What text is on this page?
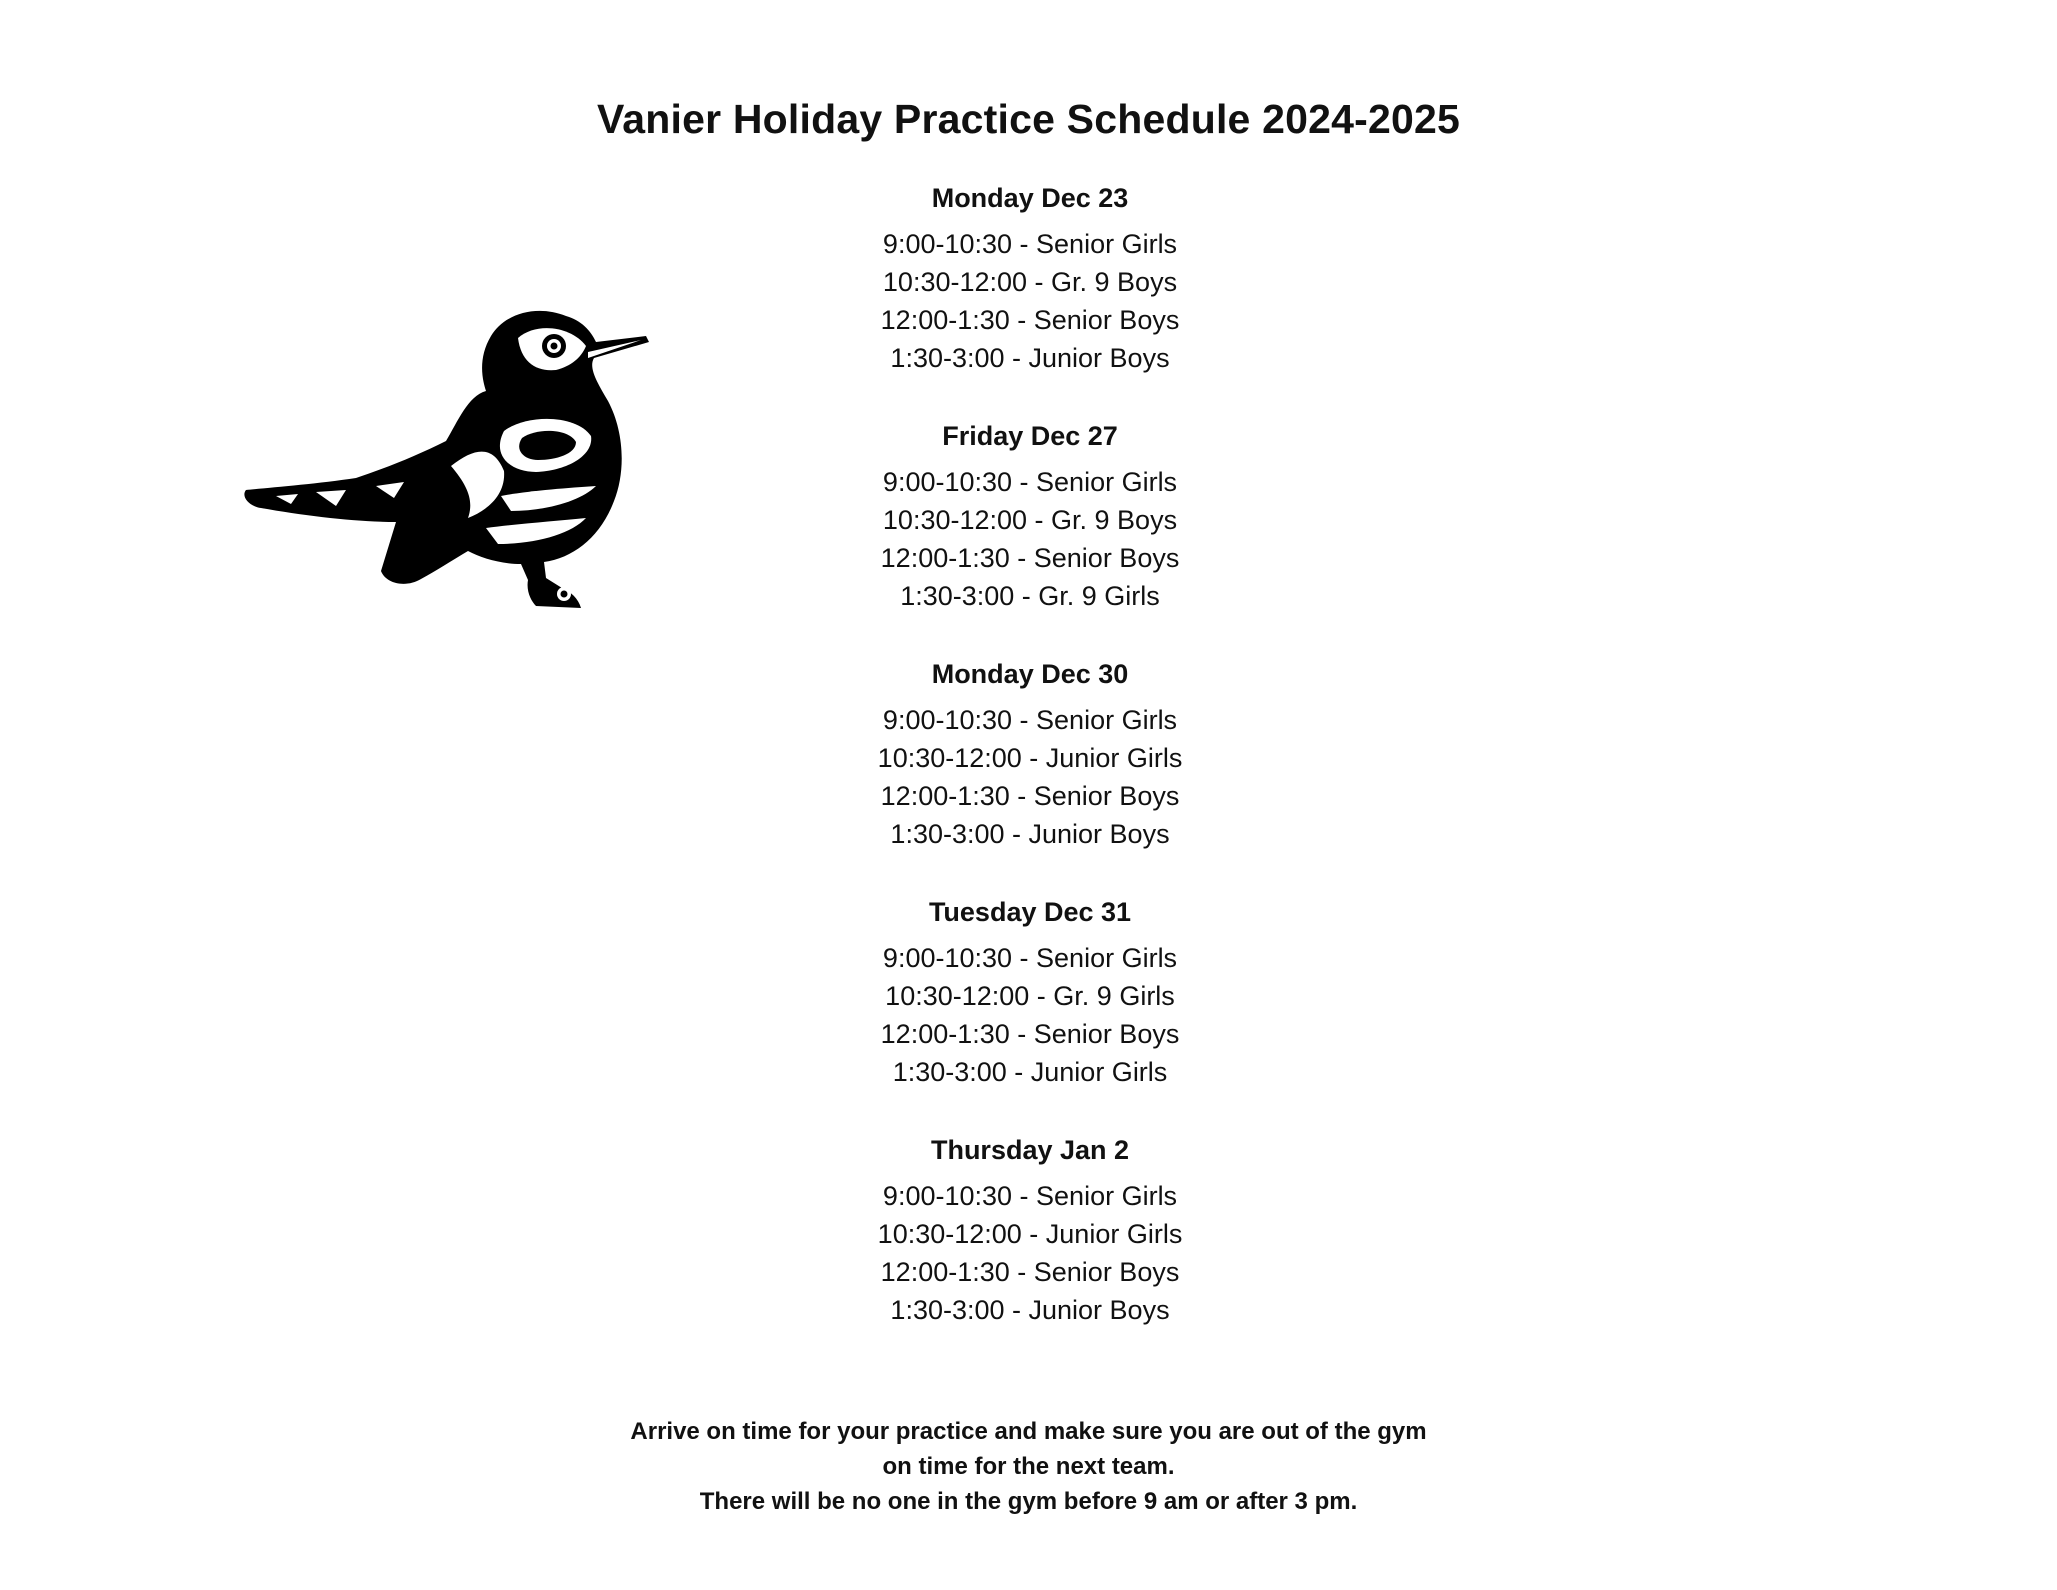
Vanier Holiday Practice Schedule 2024-2025
Monday Dec 23
9:00-10:30 - Senior Girls
10:30-12:00 - Gr. 9 Boys
12:00-1:30 - Senior Boys
1:30-3:00 - Junior Boys
Friday Dec 27
9:00-10:30 - Senior Girls
10:30-12:00 - Gr. 9 Boys
12:00-1:30 - Senior Boys
1:30-3:00 - Gr. 9 Girls
Monday Dec 30
9:00-10:30 - Senior Girls
10:30-12:00 - Junior Girls
12:00-1:30 - Senior Boys
1:30-3:00 - Junior Boys
Tuesday Dec 31
9:00-10:30 - Senior Girls
10:30-12:00 - Gr. 9 Girls
12:00-1:30 - Senior Boys
1:30-3:00 - Junior Girls
Thursday Jan 2
9:00-10:30 - Senior Girls
10:30-12:00 - Junior Girls
12:00-1:30 - Senior Boys
1:30-3:00 - Junior Boys
Arrive on time for your practice and make sure you are out of the gym
on time for the next team.
There will be no one in the gym before 9 am or after 3 pm.
